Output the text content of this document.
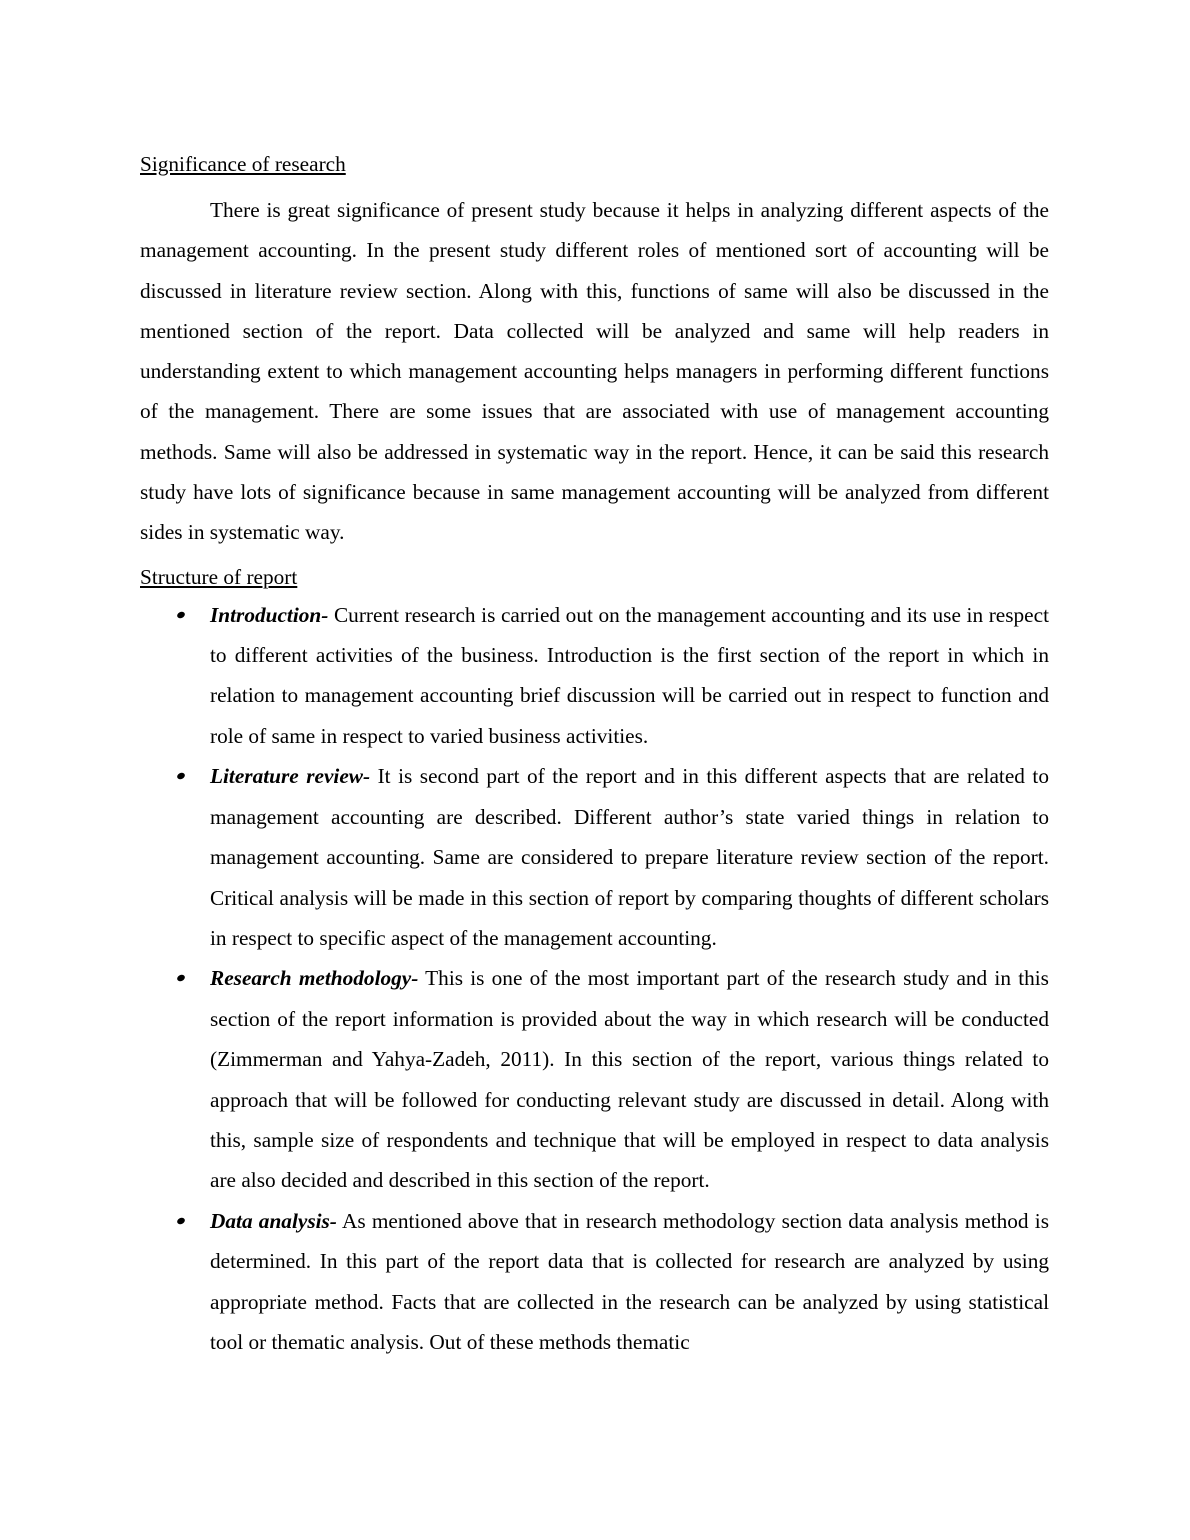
Significance of research

There is great significance of present study because it helps in analyzing different aspects of the management accounting. In the present study different roles of mentioned sort of accounting will be discussed in literature review section. Along with this, functions of same will also be discussed in the mentioned section of the report. Data collected will be analyzed and same will help readers in understanding extent to which management accounting helps managers in performing different functions of the management. There are some issues that are associated with use of management accounting methods. Same will also be addressed in systematic way in the report. Hence, it can be said this research study have lots of significance because in same management accounting will be analyzed from different sides in systematic way.

Structure of report

Introduction- Current research is carried out on the management accounting and its use in respect to different activities of the business. Introduction is the first section of the report in which in relation to management accounting brief discussion will be carried out in respect to function and role of same in respect to varied business activities.
Literature review- It is second part of the report and in this different aspects that are related to management accounting are described. Different author’s state varied things in relation to management accounting. Same are considered to prepare literature review section of the report. Critical analysis will be made in this section of report by comparing thoughts of different scholars in respect to specific aspect of the management accounting.
Research methodology- This is one of the most important part of the research study and in this section of the report information is provided about the way in which research will be conducted (Zimmerman and Yahya-Zadeh, 2011). In this section of the report, various things related to approach that will be followed for conducting relevant study are discussed in detail. Along with this, sample size of respondents and technique that will be employed in respect to data analysis are also decided and described in this section of the report.
Data analysis- As mentioned above that in research methodology section data analysis method is determined. In this part of the report data that is collected for research are analyzed by using appropriate method. Facts that are collected in the research can be analyzed by using statistical tool or thematic analysis. Out of these methods thematic
